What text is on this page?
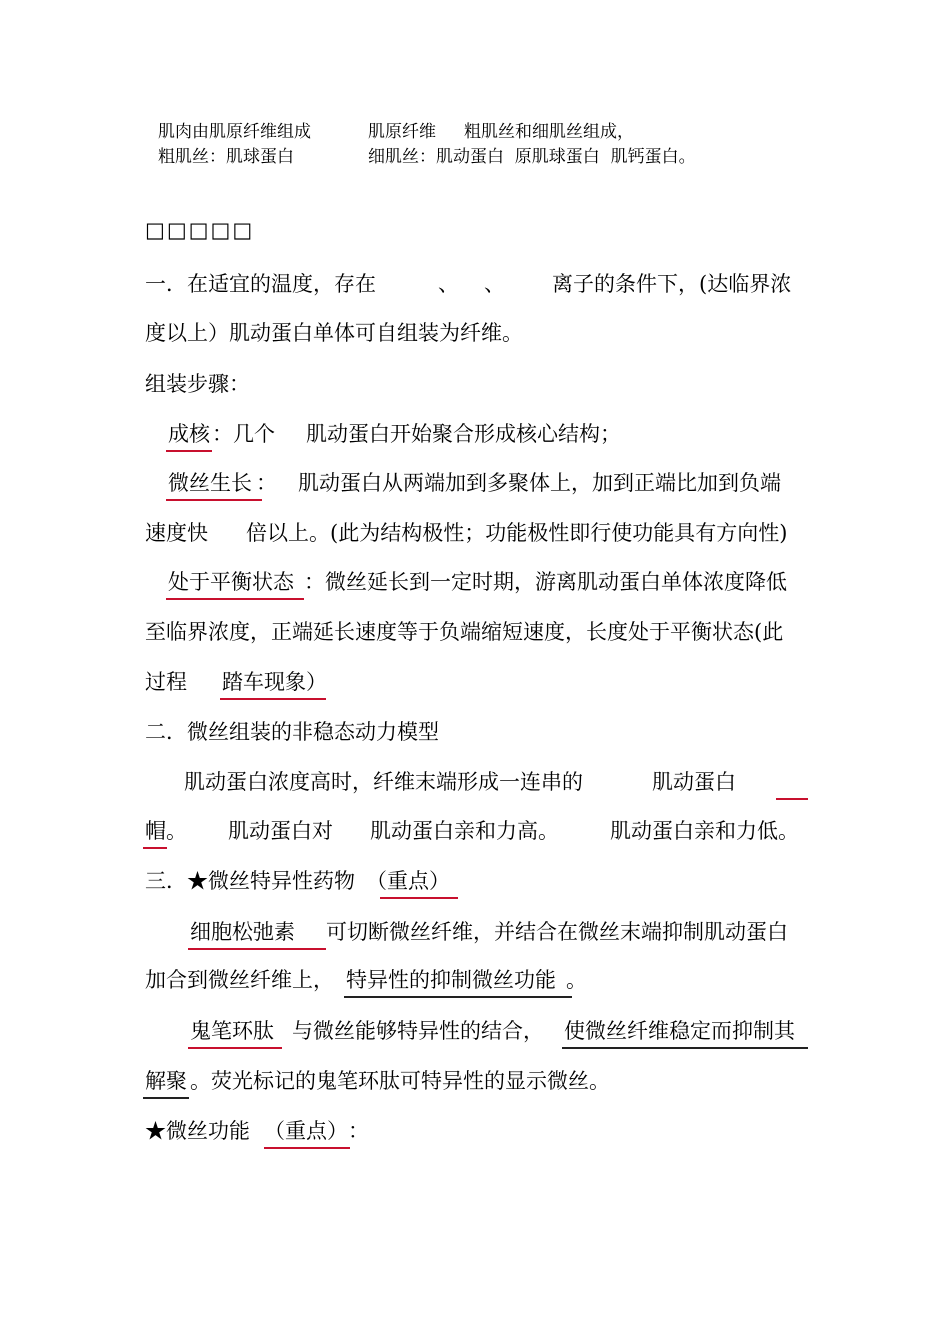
肌肉由肌原纤维组成	肌原纤维 粗肌丝和细肌丝组成，
粗肌丝：肌球蛋白	细肌丝：肌动蛋白  原肌球蛋白  肌钙蛋白。
□□□□□
一．在适宜的温度，存在	、 、 离子的条件下，(达临界浓
度以上）肌动蛋白单体可自组装为纤维。
组装步骤：
成核 ：几个 肌动蛋白开始聚合形成核心结构；
微丝生长 ： 肌动蛋白从两端加到多聚体上，加到正端比加到负端
速度快 倍以上。(此为结构极性；功能极性即行使功能具有方向性)
处于平衡状态 ：微丝延长到一定时期，游离肌动蛋白单体浓度降低
至临界浓度，正端延长速度等于负端缩短速度，长度处于平衡状态(此
过程 踏车现象 ）
二．微丝组装的非稳态动力模型
肌动蛋白浓度高时，纤维末端形成一连串的	肌动蛋白
帽 。 肌动蛋白对 肌动蛋白亲和力高。 肌动蛋白亲和力低。
三．★微丝特异性药物 （重点）
细胞松弛素 可切断微丝纤维，并结合在微丝末端抑制肌动蛋白
加合到微丝纤维上， 特异性的抑制微丝功能 。
鬼笔环肽 与微丝能够特异性的结合， 使微丝纤维稳定而抑制其
解聚 。荧光标记的鬼笔环肽可特异性的显示微丝。
★微丝功能 （重点） ：
